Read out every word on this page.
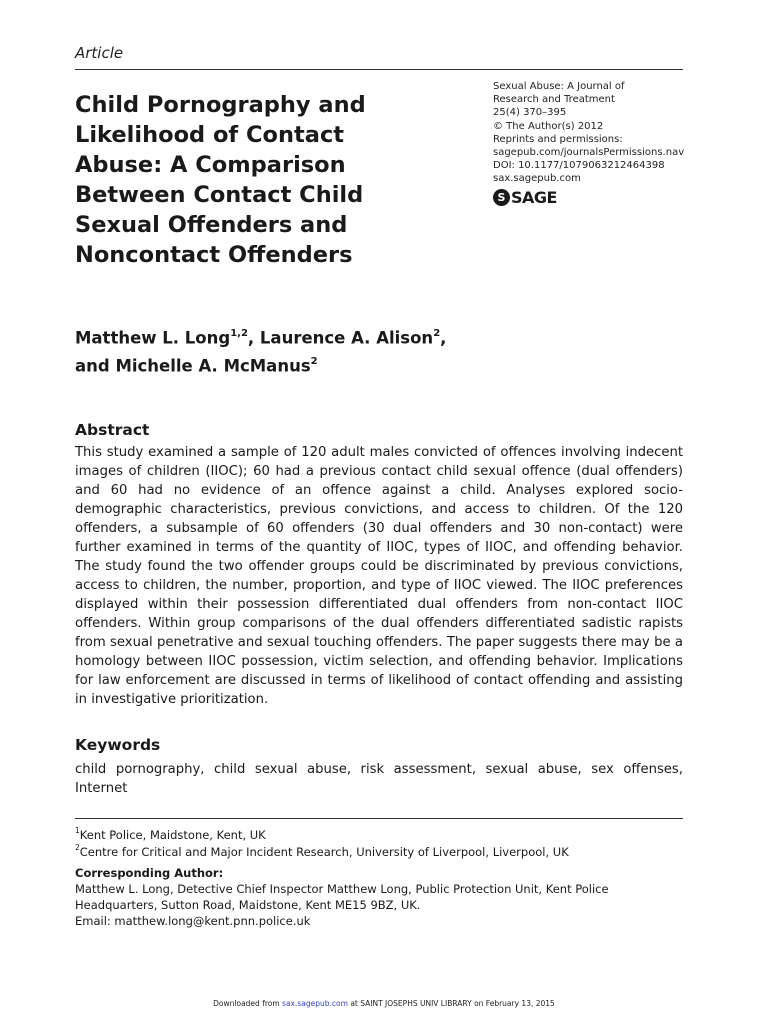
Article
Child Pornography and
Likelihood of Contact
Abuse: A Comparison
Between Contact Child
Sexual Offenders and
Noncontact Offenders
Sexual Abuse: A Journal of
Research and Treatment
25(4) 370–395
© The Author(s) 2012
Reprints and permissions:
sagepub.com/journalsPermissions.nav
DOI: 10.1177/1079063212464398
sax.sagepub.com
S SAGE
Matthew L. Long$^{1,2}$, Laurence A. Alison$^2$,
and Michelle A. McManus$^2$
Abstract
This study examined a sample of 120 adult males convicted of offences involving indecent images of children (IIOC); 60 had a previous contact child sexual offence (dual offenders) and 60 had no evidence of an offence against a child. Analyses explored socio-demographic characteristics, previous convictions, and access to children. Of the 120 offenders, a subsample of 60 offenders (30 dual offenders and 30 non-contact) were further examined in terms of the quantity of IIOC, types of IIOC, and offending behavior. The study found the two offender groups could be discriminated by previous convictions, access to children, the number, proportion, and type of IIOC viewed. The IIOC preferences displayed within their possession differentiated dual offenders from non-contact IIOC offenders. Within group comparisons of the dual offenders differentiated sadistic rapists from sexual penetrative and sexual touching offenders. The paper suggests there may be a homology between IIOC possession, victim selection, and offending behavior. Implications for law enforcement are discussed in terms of likelihood of contact offending and assisting in investigative prioritization.
Keywords
child pornography, child sexual abuse, risk assessment, sexual abuse, sex offenses, Internet
$^1$Kent Police, Maidstone, Kent, UK
$^2$Centre for Critical and Major Incident Research, University of Liverpool, Liverpool, UK
Corresponding Author:
Matthew L. Long, Detective Chief Inspector Matthew Long, Public Protection Unit, Kent Police
Headquarters, Sutton Road, Maidstone, Kent ME15 9BZ, UK.
Email: matthew.long@kent.pnn.police.uk
Downloaded from sax.sagepub.com at SAINT JOSEPHS UNIV LIBRARY on February 13, 2015
